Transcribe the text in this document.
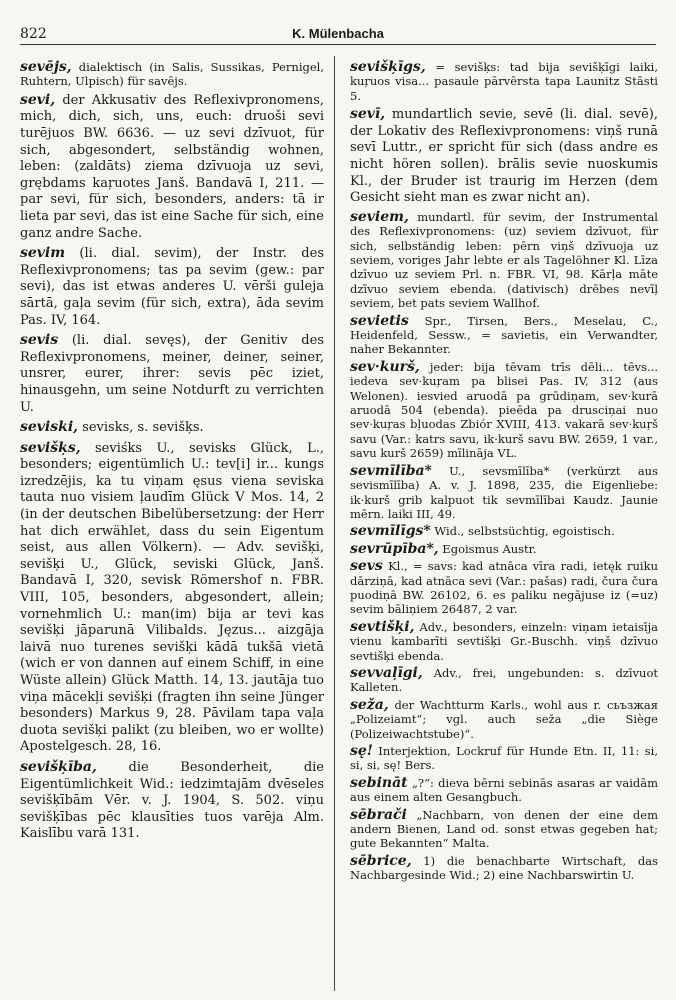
822	K. Mülenbacha

sevējs, dialektisch (in Salis, Sussikas, Pernigel, Ruhtern, Ulpisch) für savējs.

sevi, der Akkusativ des Reflexivpronomens, mich, dich, sich, uns, euch: druoši sevi turējuos BW. 6636. — uz sevi dzīvuot, für sich, abgesondert, selbständig wohnen, leben: (zaldāts) ziema dzīvuoja uz sevi, grębdams kaŗuotes Janš. Bandavā I, 211. — par sevi, für sich, besonders, anders: tā ir lieta par sevi, das ist eine Sache für sich, eine ganz andre Sache.

sevim (li. dial. sevim), der Instr. des Reflexivpronomens; tas pa sevim (gew.: par sevi), das ist etwas anderes U. vērši guleja sārtā, gaļa sevim (für sich, extra), āda sevim Pas. IV, 164.

sevis (li. dial. sevęs), der Genitiv des Reflexivpronomens, meiner, deiner, seiner, unsrer, eurer, ihrer: sevis pēc iziet, hinausgehn, um seine Notdurft zu verrichten U.

seviski, sevisks, s. sevišķs.

sevišķs, seviśks U., sevisks Glück, L., besonders; eigentümlich U.: tev[i] ir... kungs izredzējis, ka tu viņam ęsus viena seviska tauta nuo visiem ļaudīm Glück V Mos. 14, 2 (in der deutschen Bibelübersetzung: der Herr hat dich erwählet, dass du sein Eigentum seist, aus allen Völkern). — Adv. sevišķi, sevišķi U., Glück, seviski Glück, Janš. Bandavā I, 320, sevisk Römershof n. FBR. VIII, 105, besonders, abgesondert, allein; vornehmlich U.: man(im) bija ar tevi kas sevišķi jāparunā Vilibalds. Jęzus... aizgāja laivā nuo turenes sevišķi kādā tukšā vietā (wich er von dannen auf einem Schiff, in eine Wüste allein) Glück Matth. 14, 13. jautāja tuo viņa mācekļi sevišķi (fragten ihn seine Jünger besonders) Markus 9, 28. Pāvilam tapa vaļa duota sevišķi palikt (zu bleiben, wo er wollte) Apostelgesch. 28, 16.

sevišķība, die Besonderheit, die Eigentümlichkeit Wid.: iedzimtajām dvēseles sevišķībām Vēr. v. J. 1904, S. 502. viņu sevišķības pēc klausīties tuos varēja Alm. Kaislību varā 131.

sevišķīgs, = sevišķs: tad bija sevišķīgi laiki, kuŗuos visa... pasaule pārvērsta tapa Launitz Stāsti 5.

sevī, mundartlich sevie, sevē (li. dial. sevē), der Lokativ des Reflexivpronomens: viņš runā sevī Luttr., er spricht für sich (dass andre es nicht hören sollen). brālis sevie nuoskumis Kl., der Bruder ist traurig im Herzen (dem Gesicht sieht man es zwar nicht an).

seviem, mundartl. für sevim, der Instrumental des Reflexivpronomens: (uz) seviem dzīvuot, für sich, selbständig leben: pērn viņš dzīvuoja uz seviem, voriges Jahr lebte er als Tagelöhner Kl. Līza dzīvuo uz seviem Prl. n. FBR. VI, 98. Kārļa māte dzīvuo seviem ebenda. (dativisch) drēbes nevīļ seviem, bet pats seviem Wallhof.

sevietis Spr., Tirsen, Bers., Meselau, C., Heidenfeld, Sessw., = savietis, ein Verwandter, naher Bekannter.

sev·kurš, jeder: bija tēvam trīs dēli... tēvs... iedeva sev·kuŗam pa blisei Pas. IV, 312 (aus Welonen). iesvied aruodā pa grūdiņam, sev·kurā aruodā 504 (ebenda). pieēda pa drusciņai nuo sev·kuŗas bļuodas Zbiór XVIII, 413. vakarā sev·kuŗš savu (Var.: katrs savu, ik·kurš savu BW. 2659, 1 var., savu kurš 2659) mīlināja VL.

sevmīlība* U., sevsmīlība* (verkürzt aus sevismīlība) A. v. J. 1898, 235, die Eigenliebe: ik·kurš grib kalpuot tik sevmīlībai Kaudz. Jaunie mērn. laiki III, 49.

sevmīlīgs* Wid., selbstsüchtig, egoistisch.

sevrūpība*, Egoismus Austr.

sevs Kl., = savs: kad atnāca vīra radi, ietęk ruiku dārziņā, kad atnāca sevi (Var.: pašas) radi, čura čura puodiņā BW. 26102, 6. es paliku negājuse iz (=uz) sevim bāliņiem 26487, 2 var.

sevtišķi, Adv., besonders, einzeln: viņam ietaisīja vienu kambarīti sevtišķi Gr.-Buschh. viņš dzīvuo sevtišķi ebenda.

sevvaļīgi, Adv., frei, ungebunden: s. dzīvuot Kalleten.

seža, der Wachtturm Karls., wohl aus r. сьъзжая „Polizeiamt“; vgl. auch seža „die Siège (Polizeiwachtstube)“.

sę! Interjektion, Lockruf für Hunde Etn. II, 11: si, si, si, sę! Bers.

sebināt „?“: dieva bērni sebinās asaras ar vaidām aus einem alten Gesangbuch.

sēbrači „Nachbarn, von denen der eine dem andern Bienen, Land od. sonst etwas gegeben hat; gute Bekannten“ Malta.

sēbrice, 1) die benachbarte Wirtschaft, das Nachbargesinde Wid.; 2) eine Nachbarswirtin U.
